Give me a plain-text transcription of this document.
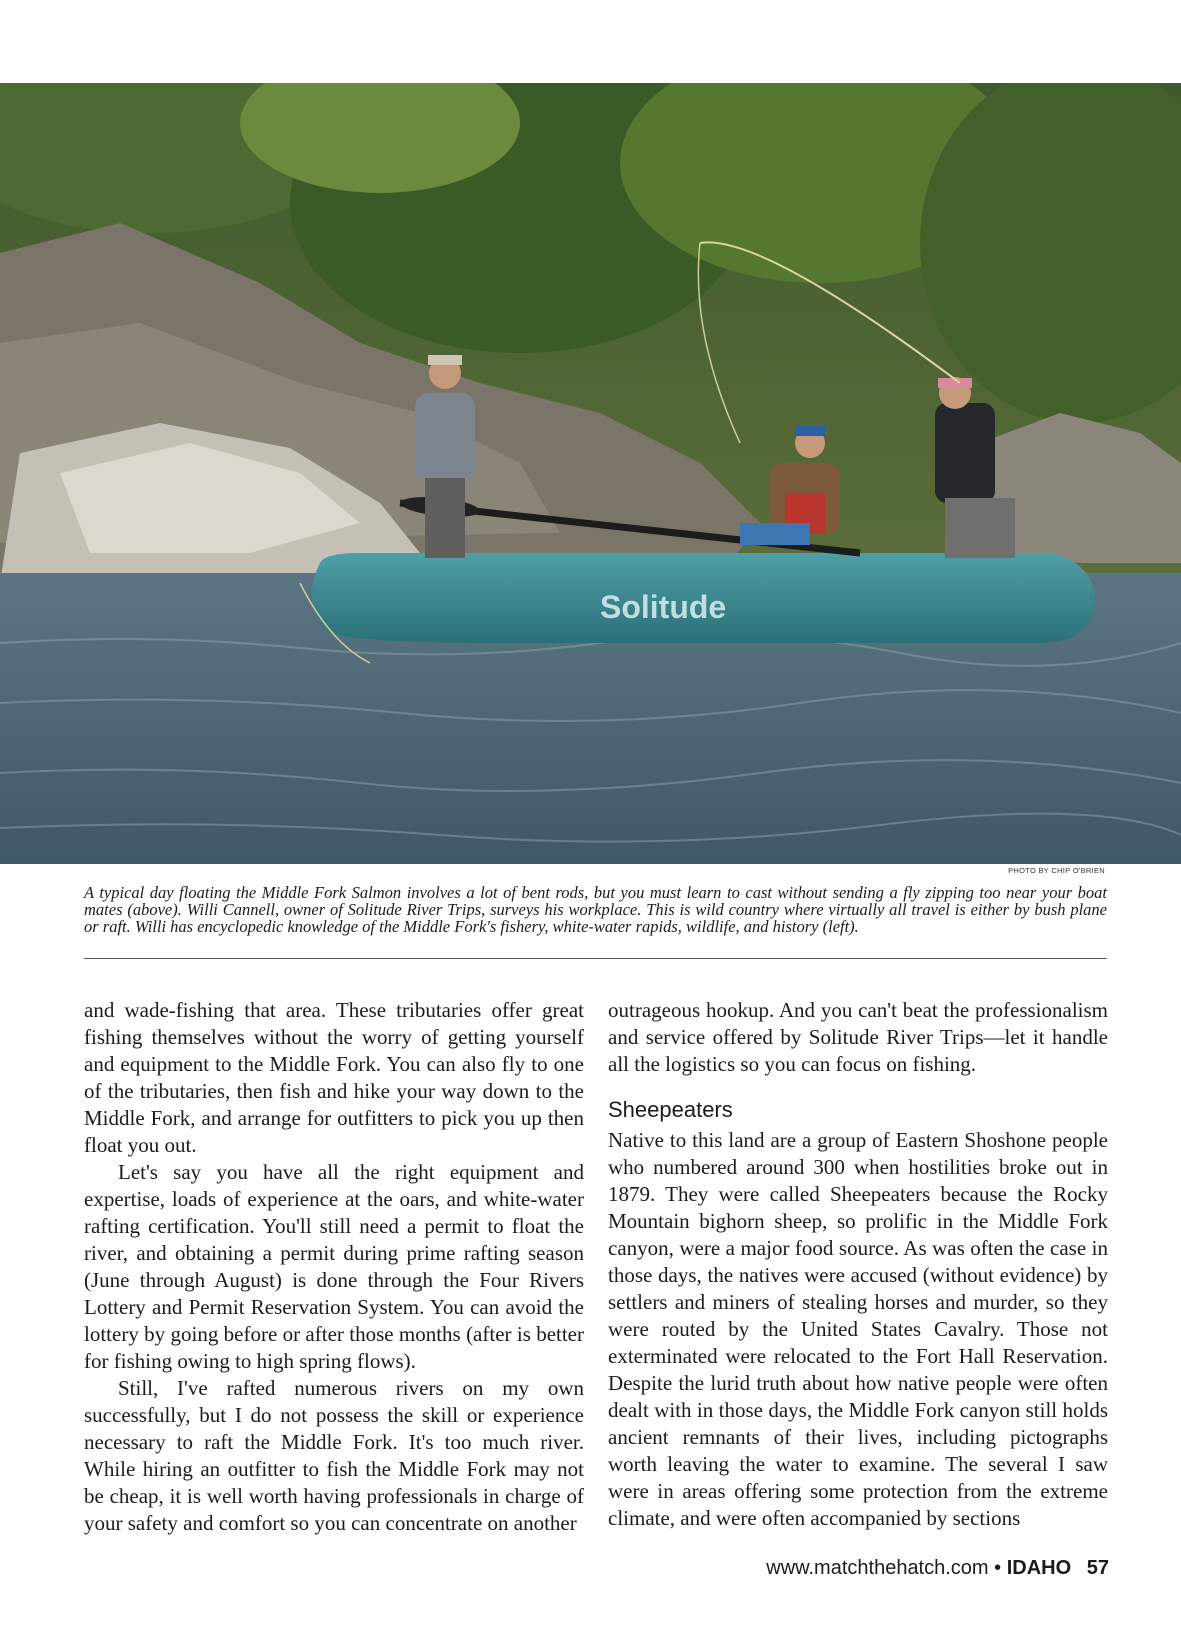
Solitude
PHOTO BY CHIP O'BRIEN
A typical day floating the Middle Fork Salmon involves a lot of bent rods, but you must learn to cast without sending a fly zipping too near your boat mates (above). Willi Cannell, owner of Solitude River Trips, surveys his workplace. This is wild country where virtually all travel is either by bush plane or raft. Willi has encyclopedic knowledge of the Middle Fork's fishery, white-water rapids, wildlife, and history (left).

and wade-fishing that area. These tributaries offer great fishing themselves without the worry of getting yourself and equipment to the Middle Fork. You can also fly to one of the tributaries, then fish and hike your way down to the Middle Fork, and arrange for outfitters to pick you up then float you out.

Let's say you have all the right equipment and expertise, loads of experience at the oars, and white-water rafting certification. You'll still need a permit to float the river, and obtaining a permit during prime rafting season (June through August) is done through the Four Rivers Lottery and Permit Reservation System. You can avoid the lottery by going before or after those months (after is better for fishing owing to high spring flows).

Still, I've rafted numerous rivers on my own successfully, but I do not possess the skill or experience necessary to raft the Middle Fork. It's too much river. While hiring an outfitter to fish the Middle Fork may not be cheap, it is well worth having professionals in charge of your safety and comfort so you can concentrate on another

outrageous hookup. And you can't beat the professionalism and service offered by Solitude River Trips—let it handle all the logistics so you can focus on fishing.

Sheepeaters

Native to this land are a group of Eastern Shoshone people who numbered around 300 when hostilities broke out in 1879. They were called Sheepeaters because the Rocky Mountain bighorn sheep, so prolific in the Middle Fork canyon, were a major food source. As was often the case in those days, the natives were accused (without evidence) by settlers and miners of stealing horses and murder, so they were routed by the United States Cavalry. Those not exterminated were relocated to the Fort Hall Reservation. Despite the lurid truth about how native people were often dealt with in those days, the Middle Fork canyon still holds ancient remnants of their lives, including pictographs worth leaving the water to examine. The several I saw were in areas offering some protection from the extreme climate, and were often accompanied by sections

www.matchthehatch.com • IDAHO 57
